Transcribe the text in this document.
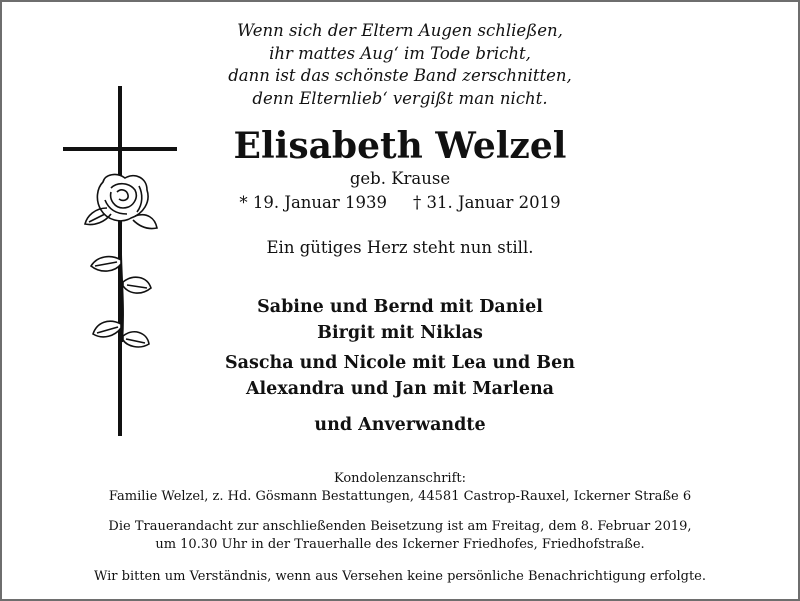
Wenn sich der Eltern Augen schließen,
ihr mattes Aug‘ im Tode bricht,
dann ist das schönste Band zerschnitten,
denn Elternlieb‘ vergißt man nicht.
Elisabeth Welzel
geb. Krause
* 19. Januar 1939 † 31. Januar 2019
Ein gütiges Herz steht nun still.
Sabine und Bernd mit Daniel
Birgit mit Niklas
Sascha und Nicole mit Lea und Ben
Alexandra und Jan mit Marlena
und Anverwandte
Kondolenzanschrift:
Familie Welzel, z. Hd. Gösmann Bestattungen, 44581 Castrop-Rauxel, Ickerner Straße 6
Die Trauerandacht zur anschließenden Beisetzung ist am Freitag, dem 8. Februar 2019,
um 10.30 Uhr in der Trauerhalle des Ickerner Friedhofes, Friedhofstraße.
Wir bitten um Verständnis, wenn aus Versehen keine persönliche Benachrichtigung erfolgte.
